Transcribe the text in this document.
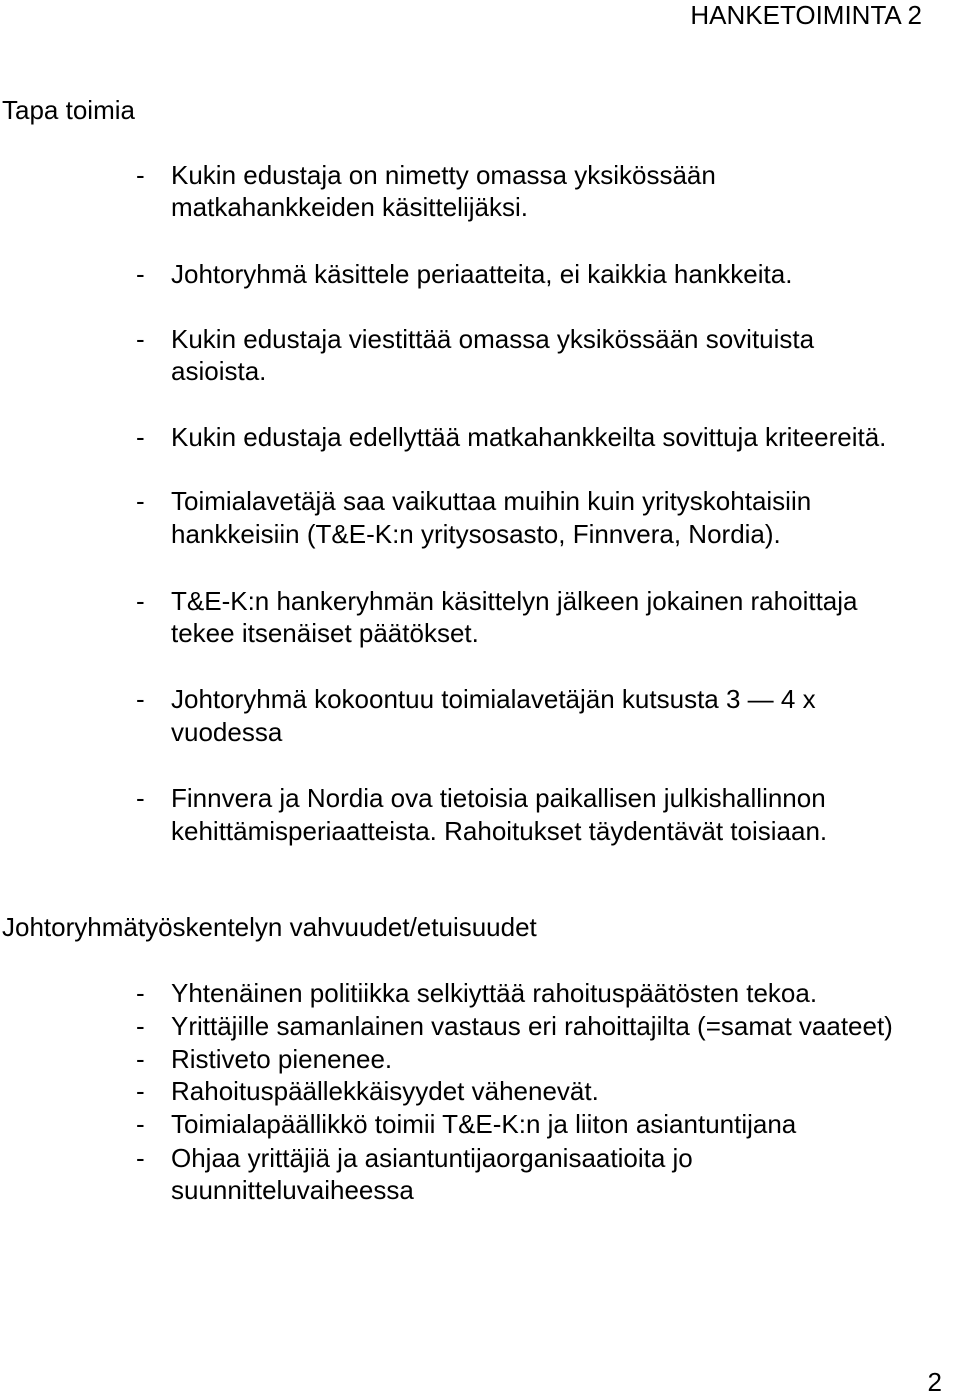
HANKETOIMINTA 2
Tapa toimia
- Kukin edustaja on nimetty omassa yksikössään
matkahankkeiden käsittelijäksi.
- Johtoryhmä käsittele periaatteita, ei kaikkia hankkeita.
- Kukin edustaja viestittää omassa yksikössään sovituista
asioista.
- Kukin edustaja edellyttää matkahankkeilta sovittuja kriteereitä.
- Toimialavetäjä saa vaikuttaa muihin kuin yrityskohtaisiin
hankkeisiin (T&E-K:n yritysosasto, Finnvera, Nordia).
- T&E-K:n hankeryhmän käsittelyn jälkeen jokainen rahoittaja
tekee itsenäiset päätökset.
- Johtoryhmä kokoontuu toimialavetäjän kutsusta 3 — 4 x
vuodessa
- Finnvera ja Nordia ova tietoisia paikallisen julkishallinnon
kehittämisperiaatteista. Rahoitukset täydentävät toisiaan.
Johtoryhmätyöskentelyn vahvuudet/etuisuudet
- Yhtenäinen politiikka selkiyttää rahoituspäätösten tekoa.
- Yrittäjille samanlainen vastaus eri rahoittajilta (=samat vaateet)
- Ristiveto pienenee.
- Rahoituspäällekkäisyydet vähenevät.
- Toimialapäällikkö toimii T&E-K:n ja liiton asiantuntijana
- Ohjaa yrittäjiä ja asiantuntijaorganisaatioita jo
suunnitteluvaiheessa
2
